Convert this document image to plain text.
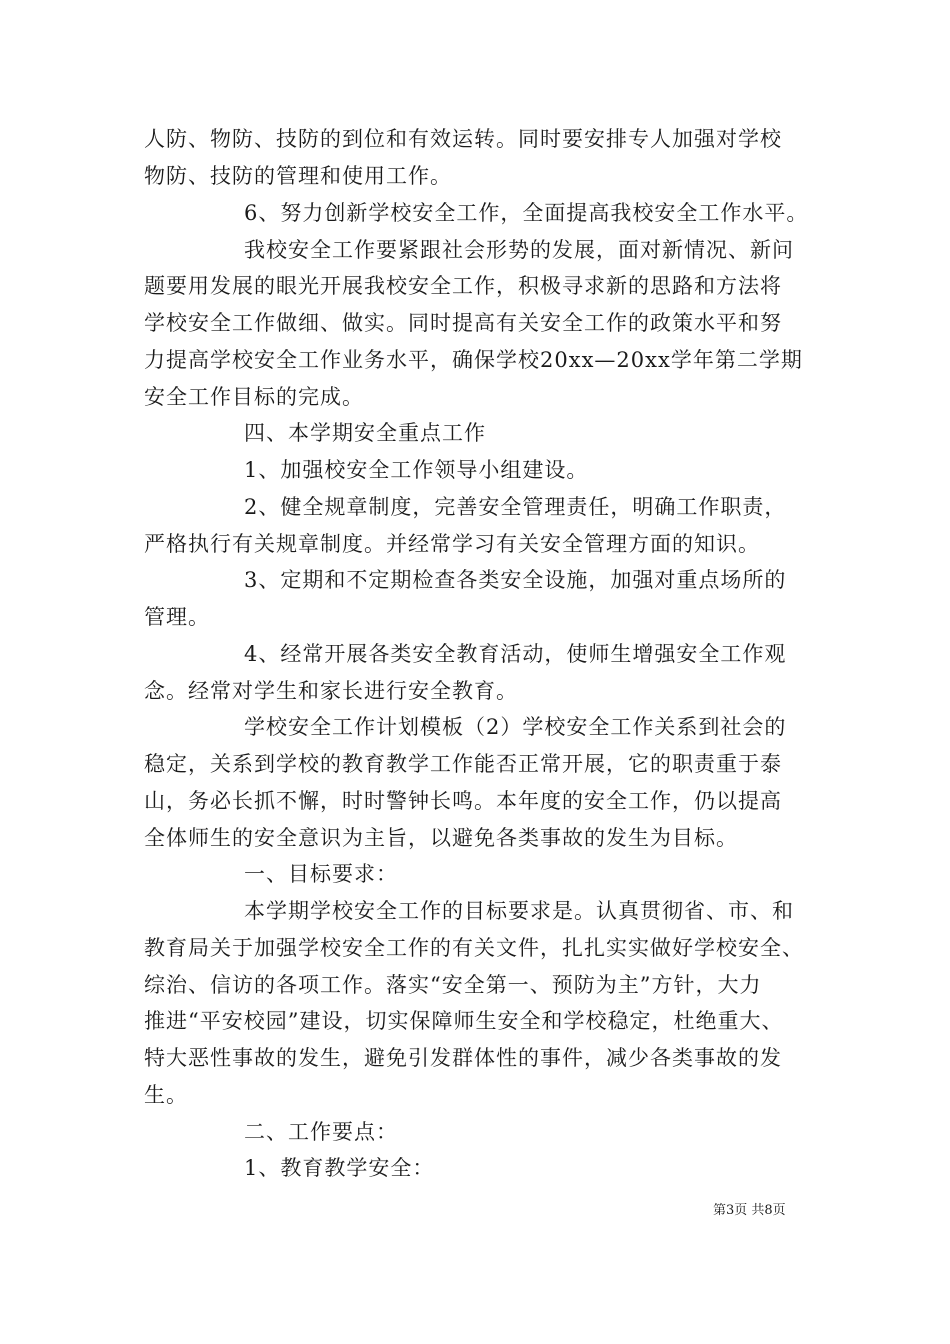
人防、物防、技防的到位和有效运转。同时要安排专人加强对学校
物防、技防的管理和使用工作。
6、努力创新学校安全工作，全面提高我校安全工作水平。
我校安全工作要紧跟社会形势的发展，面对新情况、新问
题要用发展的眼光开展我校安全工作，积极寻求新的思路和方法将
学校安全工作做细、做实。同时提高有关安全工作的政策水平和努
力提高学校安全工作业务水平，确保学校20xx—20xx学年第二学期
安全工作目标的完成。
四、本学期安全重点工作
1、加强校安全工作领导小组建设。
2、健全规章制度，完善安全管理责任，明确工作职责，
严格执行有关规章制度。并经常学习有关安全管理方面的知识。
3、定期和不定期检查各类安全设施，加强对重点场所的
管理。
4、经常开展各类安全教育活动，使师生增强安全工作观
念。经常对学生和家长进行安全教育。
学校安全工作计划模板（2）学校安全工作关系到社会的
稳定，关系到学校的教育教学工作能否正常开展，它的职责重于泰
山，务必长抓不懈，时时警钟长鸣。本年度的安全工作，仍以提高
全体师生的安全意识为主旨，以避免各类事故的发生为目标。
一、目标要求：
本学期学校安全工作的目标要求是。认真贯彻省、市、和
教育局关于加强学校安全工作的有关文件，扎扎实实做好学校安全、
综治、信访的各项工作。落实“安全第一、预防为主”方针，大力
推进“平安校园”建设，切实保障师生安全和学校稳定，杜绝重大、
特大恶性事故的发生，避免引发群体性的事件，减少各类事故的发
生。
二、工作要点：
1、教育教学安全：
第3页 共8页
